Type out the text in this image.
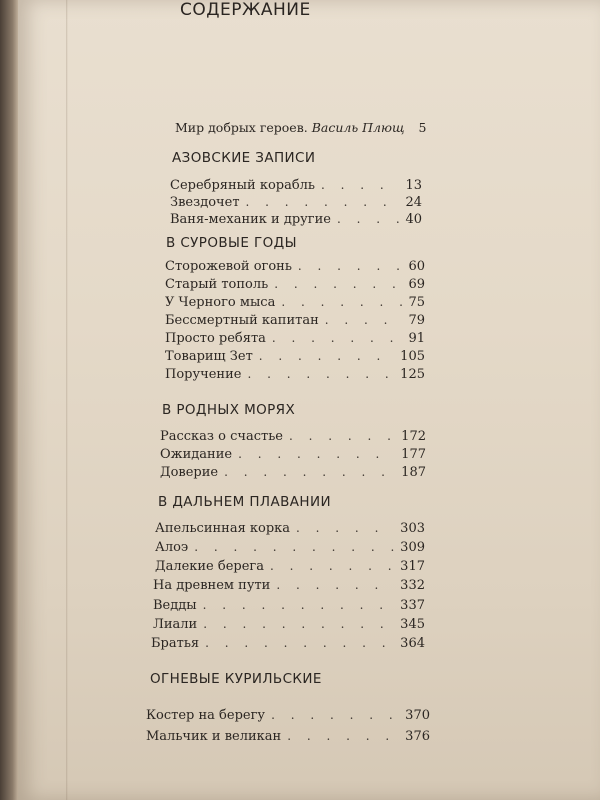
СОДЕРЖАНИЕ
Мир добрых героев. Василь Плющ 5
АЗОВСКИЕ ЗАПИСИ
Серебряный корабль . . .	13
Звездочет . . .	24
Ваня-механик и другие . . .	40
В СУРОВЫЕ ГОДЫ
Сторожевой огонь . . .	60
Старый тополь . . .	69
У Черного мыса . . .	75
Бессмертный капитан . . .	79
Просто ребята . . .	91
Товарищ Зет . . .	105
Поручение . . .	125
В РОДНЫХ МОРЯХ
Рассказ о счастье . . .	172
Ожидание . . .	177
Доверие . . .	187
В ДАЛЬНЕМ ПЛАВАНИИ
Апельсинная корка . . .	303
Алоэ . . .	309
Далекие берега . . .	317
На древнем пути . . .	332
Ведды . . .	337
Лиали . . .	345
Братья . . .	364
ОГНЕВЫЕ КУРИЛЬСКИЕ
Костер на берегу . . .	370
Мальчик и великан . . .	376
